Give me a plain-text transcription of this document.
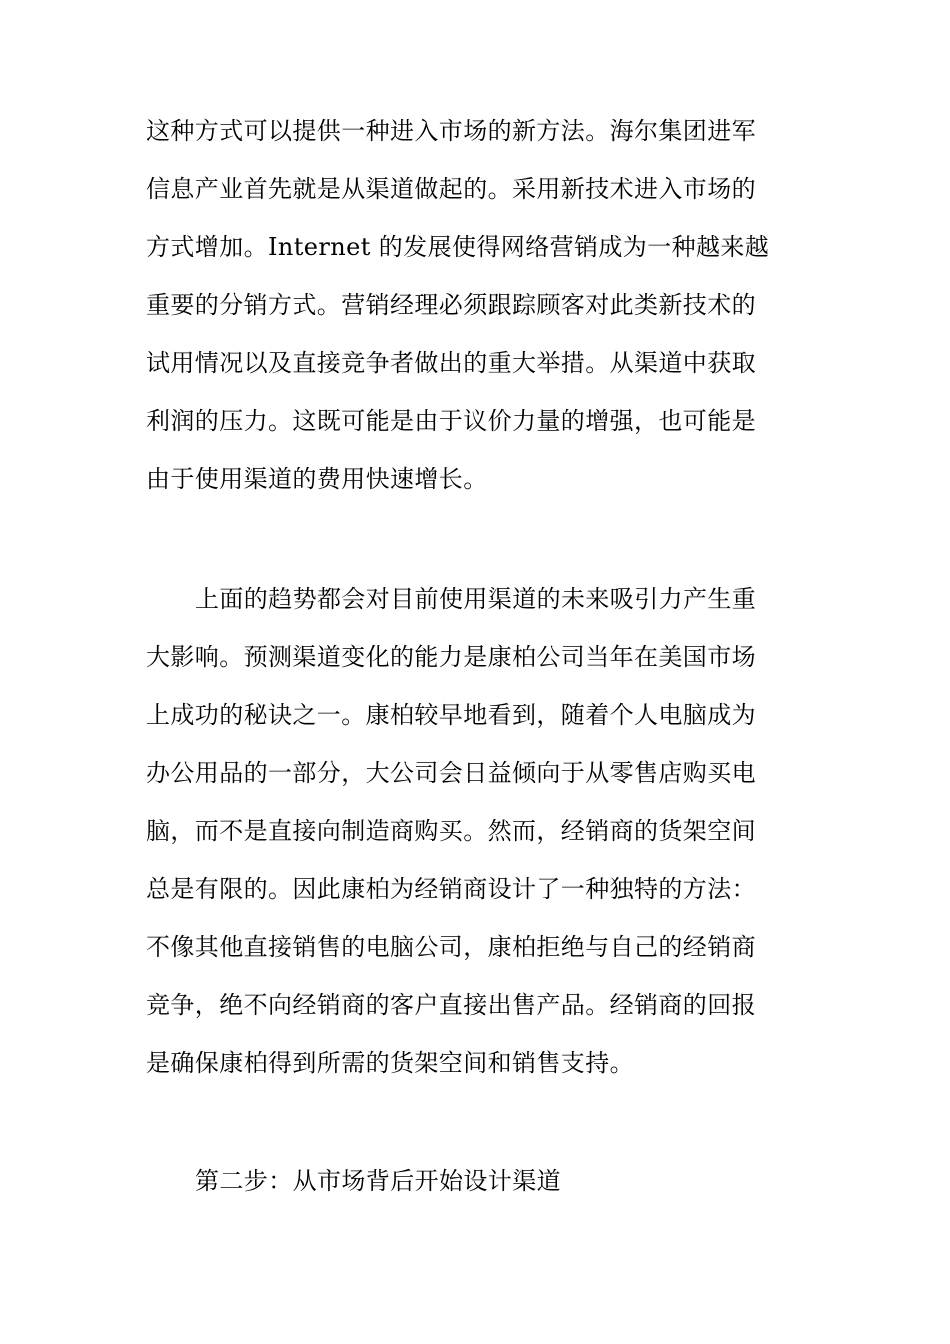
这种方式可以提供一种进入市场的新方法。海尔集团进军
信息产业首先就是从渠道做起的。采用新技术进入市场的
方式增加。Internet 的发展使得网络营销成为一种越来越
重要的分销方式。营销经理必须跟踪顾客对此类新技术的
试用情况以及直接竞争者做出的重大举措。从渠道中获取
利润的压力。这既可能是由于议价力量的增强，也可能是
由于使用渠道的费用快速增长。
上面的趋势都会对目前使用渠道的未来吸引力产生重
大影响。预测渠道变化的能力是康柏公司当年在美国市场
上成功的秘诀之一。康柏较早地看到，随着个人电脑成为
办公用品的一部分，大公司会日益倾向于从零售店购买电
脑，而不是直接向制造商购买。然而，经销商的货架空间
总是有限的。因此康柏为经销商设计了一种独特的方法：
不像其他直接销售的电脑公司，康柏拒绝与自己的经销商
竞争，绝不向经销商的客户直接出售产品。经销商的回报
是确保康柏得到所需的货架空间和销售支持。
第二步：从市场背后开始设计渠道
